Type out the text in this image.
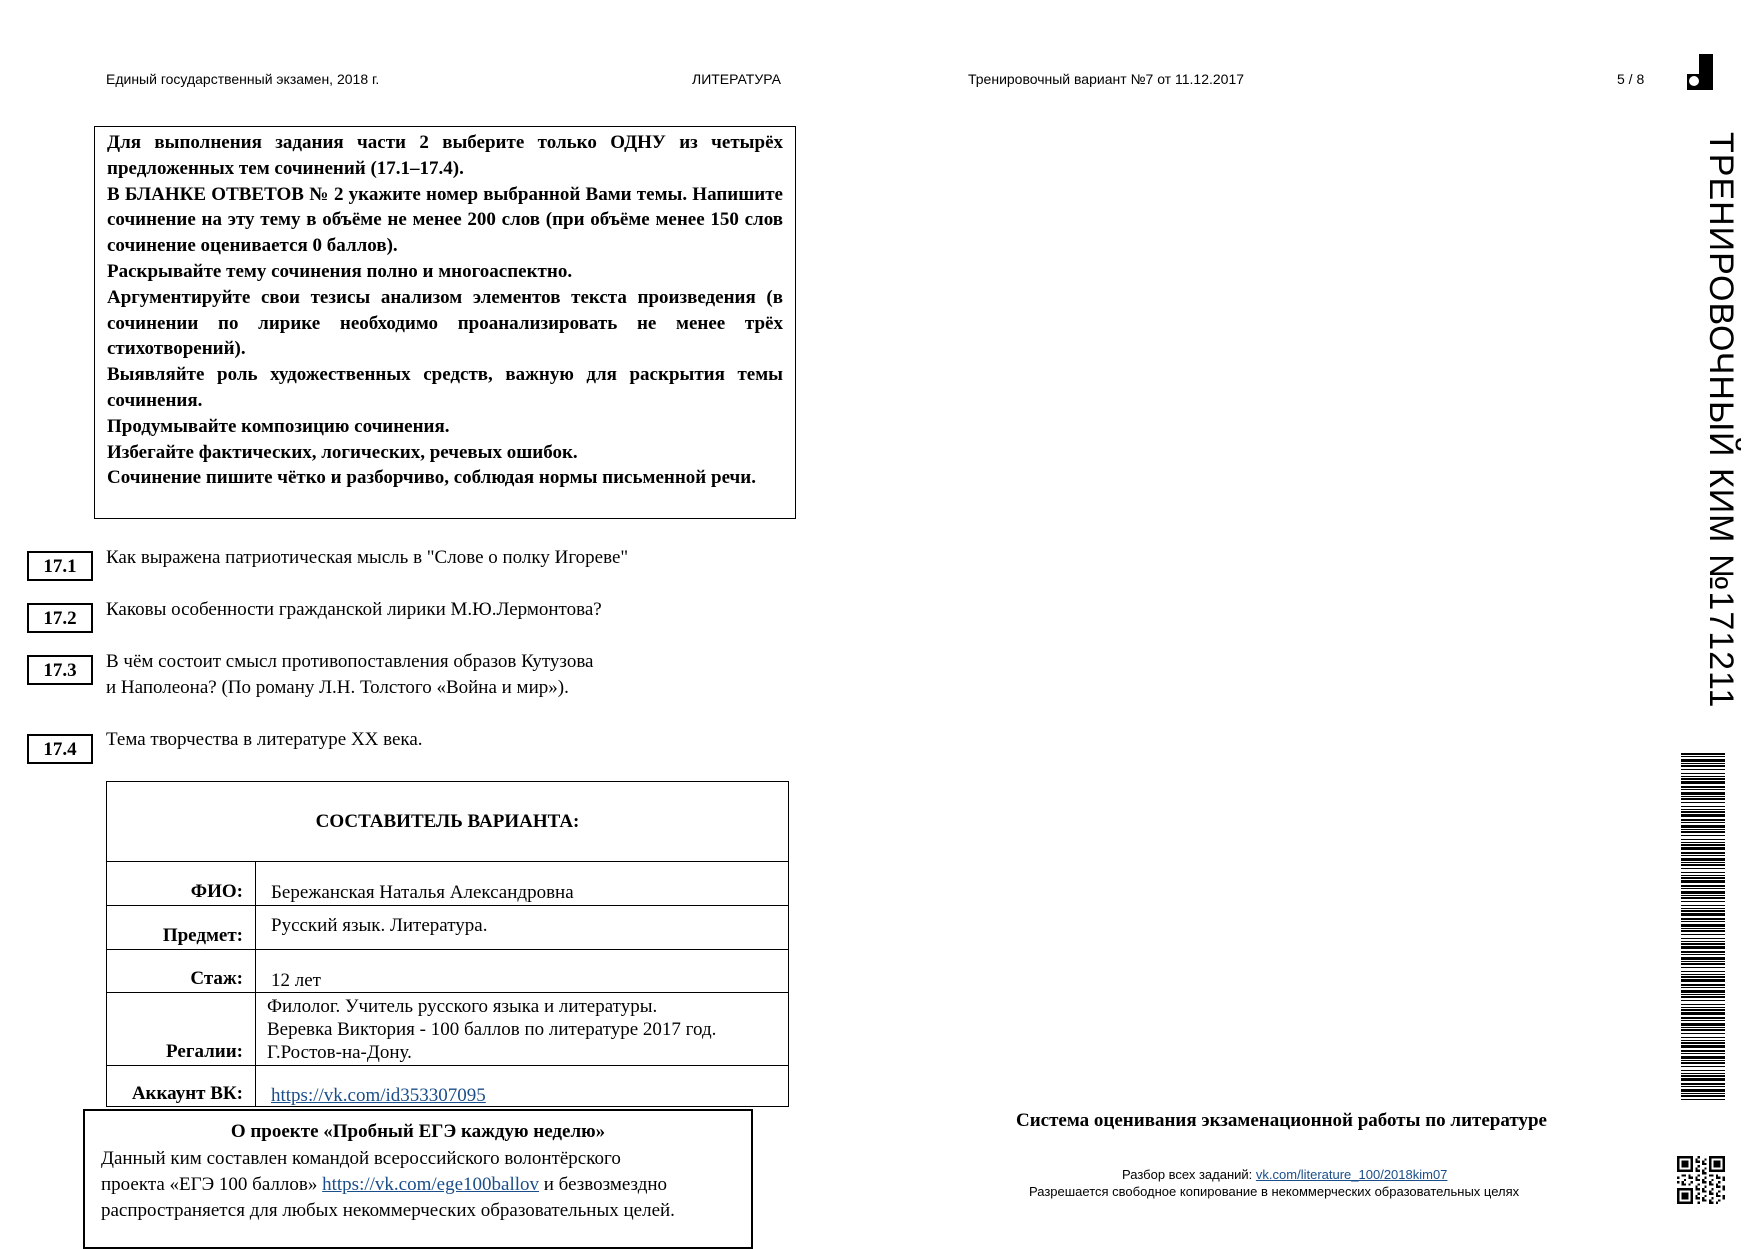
Единый государственный экзамен, 2018 г.	ЛИТЕРАТУРА	Тренировочный вариант №7 от 11.12.2017	5 / 8

Для выполнения задания части 2 выберите только ОДНУ из четырёх предложенных тем сочинений (17.1–17.4).

В БЛАНКЕ ОТВЕТОВ № 2 укажите номер выбранной Вами темы. Напишите сочинение на эту тему в объёме не менее 200 слов (при объёме менее 150 слов сочинение оценивается 0 баллов).

Раскрывайте тему сочинения полно и многоаспектно.

Аргументируйте свои тезисы анализом элементов текста произведения (в сочинении по лирике необходимо проанализировать не менее трёх стихотворений).

Выявляйте роль художественных средств, важную для раскрытия темы сочинения.

Продумывайте композицию сочинения.

Избегайте фактических, логических, речевых ошибок.

Сочинение пишите чётко и разборчиво, соблюдая нормы письменной речи.

17.1	Как выражена патриотическая мысль в "Слове о полку Игореве"
17.2	Каковы особенности гражданской лирики М.Ю.Лермонтова?
17.3	В чём состоит смысл противопоставления образов Кутузова
и Наполеона? (По роману Л.Н. Толстого «Война и мир»).
17.4	Тема творчества в литературе XX века.
СОСТАВИТЕЛЬ ВАРИАНТА:
ФИО: Бережанская Наталья Александровна
Предмет: Русский язык. Литература.
Стаж: 12 лет
Регалии:
Филолог. Учитель русского языка и литературы.
Веревка Виктория - 100 баллов по литературе 2017 год.
Г.Ростов-на-Дону.
Аккаунт ВК: https://vk.com/id353307095
О проекте «Пробный ЕГЭ каждую неделю»
Данный ким составлен командой всероссийского волонтёрского
проекта «ЕГЭ 100 баллов» https://vk.com/ege100ballov и безвозмездно
распространяется для любых некоммерческих образовательных целей.
Система оценивания экзаменационной работы по литературе
Разбор всех заданий: vk.com/literature_100/2018kim07
Разрешается свободное копирование в некоммерческих образовательных целях
ТРЕНИРОВОЧНЫЙ КИМ №171211
